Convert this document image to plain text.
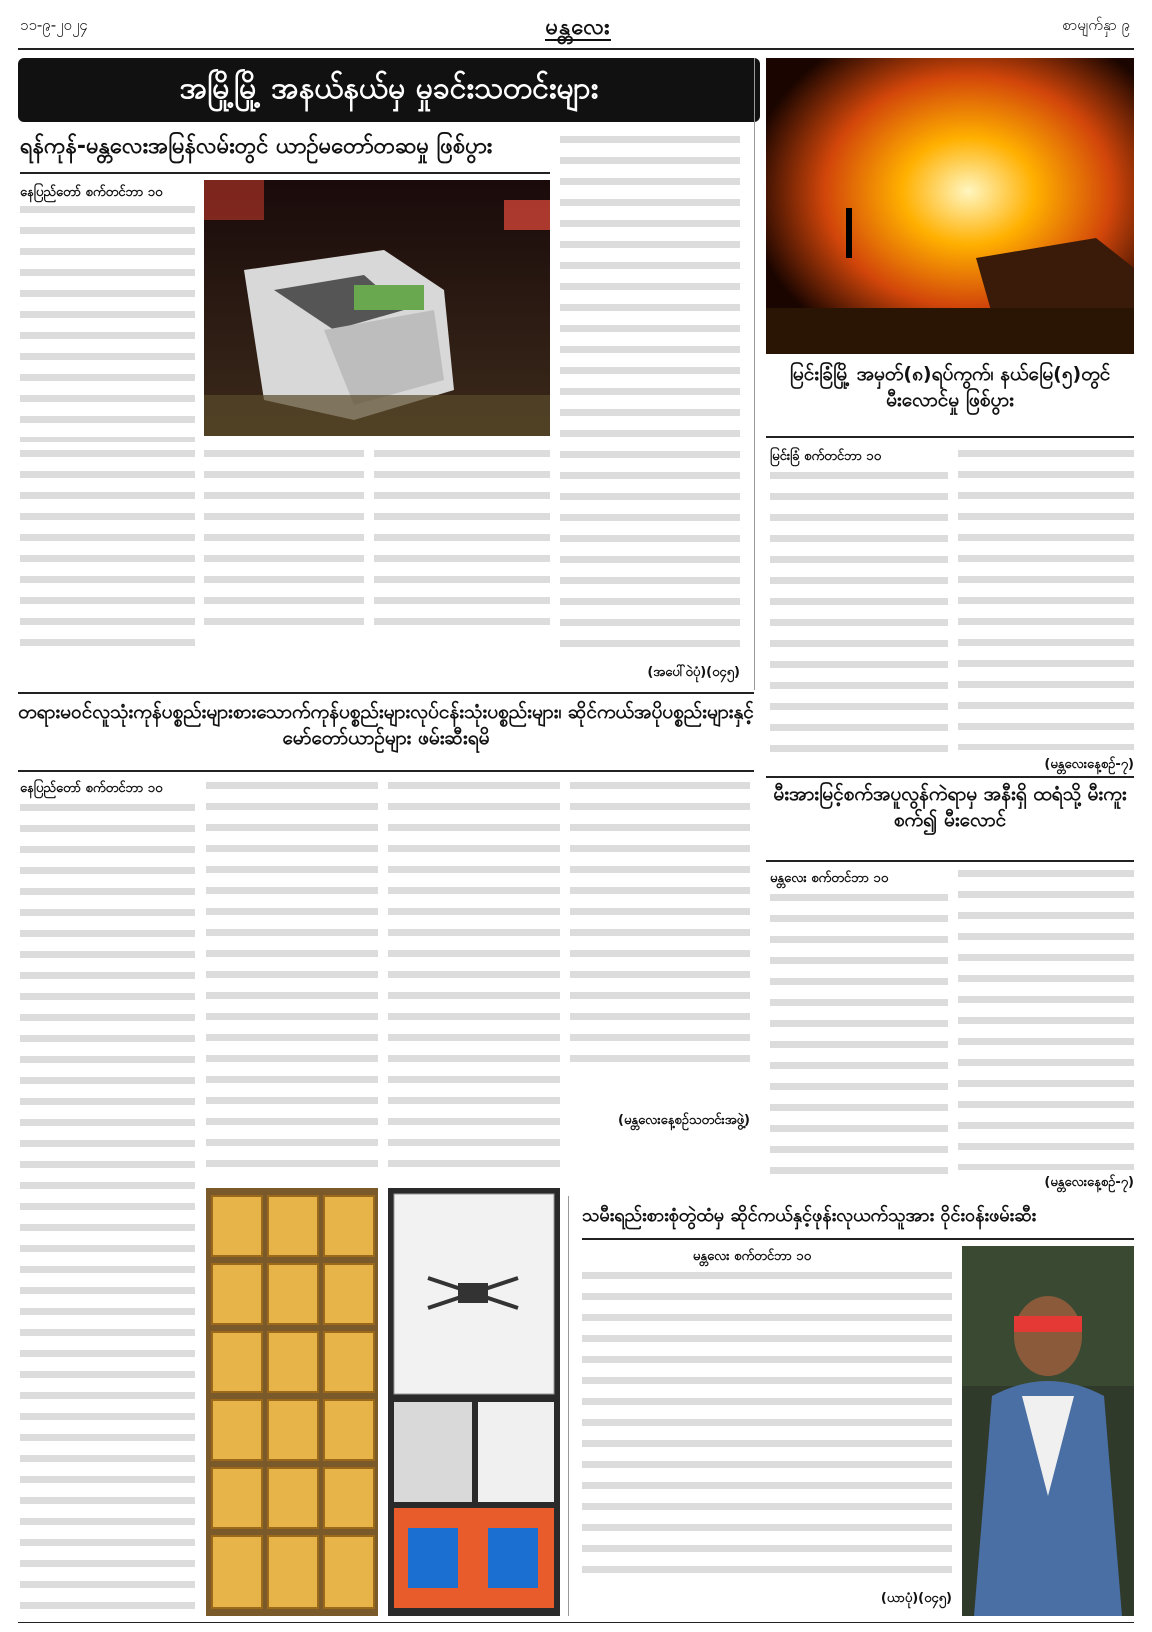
၁၁-၉-၂၀၂၄	မန္တလေး	စာမျက်နှာ ၉
အမြို့မြို့ အနယ်နယ်မှ မှုခင်းသတင်းများ
ရန်ကုန်-မန္တလေးအမြန်လမ်းတွင် ယာဉ်မတော်တဆမှု ဖြစ်ပွား
နေပြည်တော် စက်တင်ဘာ ၁၀
(အပေါ်ဝဲပုံ)(ဝ၄၅)
မြင်းခြံမြို့ အမှတ်(၈)ရပ်ကွက်၊ နယ်မြေ(၅)တွင် မီးလောင်မှု ဖြစ်ပွား
မြင်းခြံ စက်တင်ဘာ ၁၀
(မန္တလေးနေ့စဉ်-၇)
တရားမဝင်လူသုံးကုန်ပစ္စည်းများစားသောက်ကုန်ပစ္စည်းများလုပ်ငန်းသုံးပစ္စည်းများ၊ ဆိုင်ကယ်အပိုပစ္စည်းများနှင့်မော်တော်ယာဉ်များ ဖမ်းဆီးရမိ
နေပြည်တော် စက်တင်ဘာ ၁၀
(မန္တလေးနေ့စဉ်သတင်းအဖွဲ့)
မီးအားမြင့်စက်အပူလွန်ကဲရာမှ အနီးရှိ ထရံသို့ မီးကူးစက်၍ မီးလောင်
မန္တလေး စက်တင်ဘာ ၁၀
(မန္တလေးနေ့စဉ်-၇)
သမီးရည်းစားစုံတွဲထံမှ ဆိုင်ကယ်နှင့်ဖုန်းလုယက်သူအား ဝိုင်းဝန်းဖမ်းဆီး
မန္တလေး စက်တင်ဘာ ၁၀
(ယာပုံ)(ဝ၄၅)
